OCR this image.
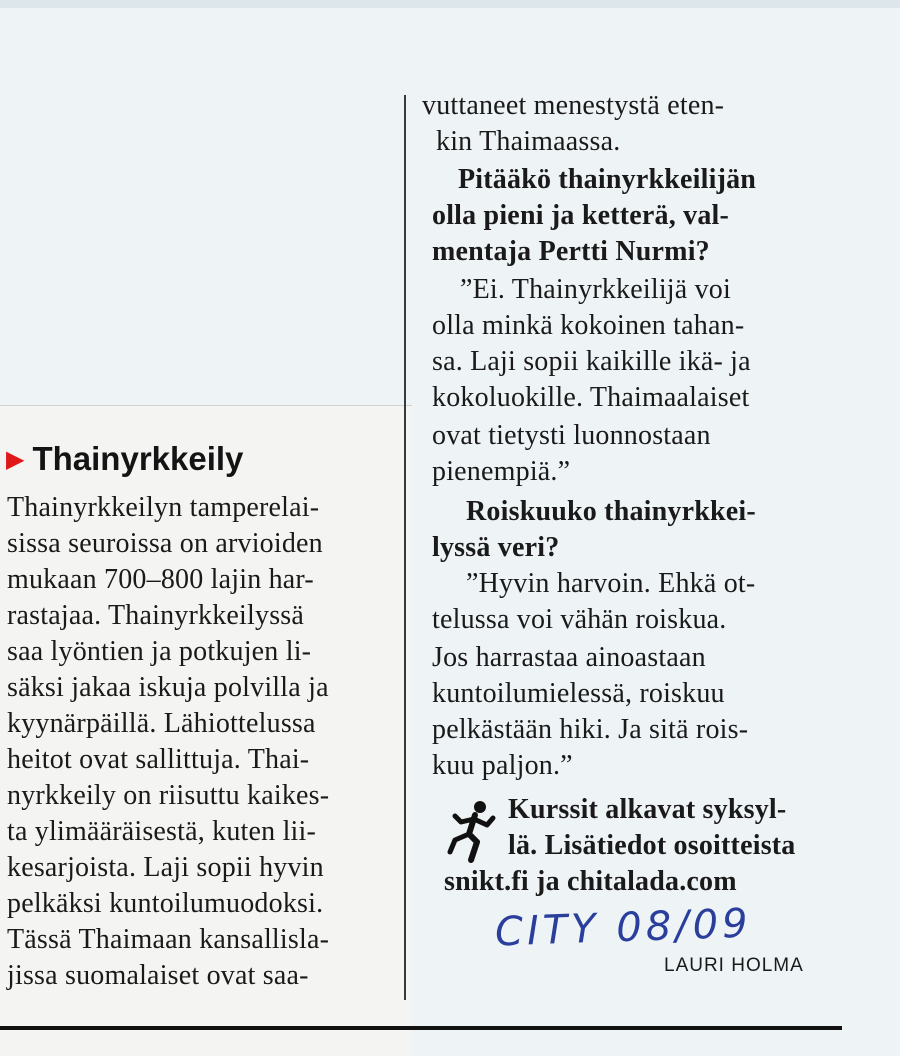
▶ Thainyrkkeily
Thainyrkkeilyn tamperelai-
sissa seuroissa on arvioiden
mukaan 700–800 lajin har-
rastajaa. Thainyrkkeilyssä
saa lyöntien ja potkujen li-
säksi jakaa iskuja polvilla ja
kyynärpäillä. Lähiottelussa
heitot ovat sallittuja. Thai-
nyrkkeily on riisuttu kaikes-
ta ylimääräisestä, kuten lii-
kesarjoista. Laji sopii hyvin
pelkäksi kuntoilumuodoksi.
Tässä Thaimaan kansallisla-
jissa suomalaiset ovat saa-
vuttaneet menestystä eten-
kin Thaimaassa.
Pitääkö thainyrkkeilijän
olla pieni ja ketterä, val-
mentaja Pertti Nurmi?
”Ei. Thainyrkkeilijä voi
olla minkä kokoinen tahan-
sa. Laji sopii kaikille ikä- ja
kokoluokille. Thaimaalaiset
ovat tietysti luonnostaan
pienempiä.”
Roiskuuko thainyrkkei-
lyssä veri?
”Hyvin harvoin. Ehkä ot-
telussa voi vähän roiskua.
Jos harrastaa ainoastaan
kuntoilumielessä, roiskuu
pelkästään hiki. Ja sitä rois-
kuu paljon.”
Kurssit alkavat syksyl-
lä. Lisätiedot osoitteista
snikt.fi ja chitalada.com
CITY 08/09
LAURI HOLMA
